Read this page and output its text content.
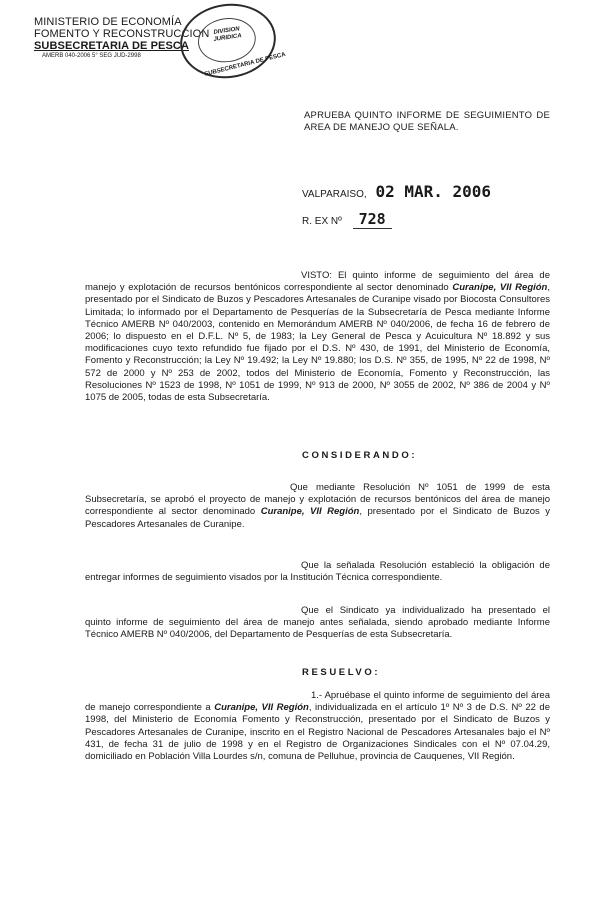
MINISTERIO DE ECONOMÍA
FOMENTO Y RECONSTRUCCION
SUBSECRETARIA DE PESCA
AMERB 040-2006 5° SEG JUD-2998
DIVISION JURIDICA
SUBSECRETARIA DE PESCA
APRUEBA QUINTO INFORME DE SEGUIMIENTO DE AREA DE MANEJO QUE SEÑALA.
VALPARAISO, 02 MAR. 2006
R. EX Nº 728
VISTO: El quinto informe de seguimiento del área de manejo y explotación de recursos bentónicos correspondiente al sector denominado Curanipe, VII Región, presentado por el Sindicato de Buzos y Pescadores Artesanales de Curanipe visado por Biocosta Consultores Limitada; lo informado por el Departamento de Pesquerías de la Subsecretaría de Pesca mediante Informe Técnico AMERB Nº 040/2003, contenido en Memorándum AMERB Nº 040/2006, de fecha 16 de febrero de 2006; lo dispuesto en el D.F.L. Nº 5, de 1983; la Ley General de Pesca y Acuicultura Nº 18.892 y sus modificaciones cuyo texto refundido fue fijado por el D.S. Nº 430, de 1991, del Ministerio de Economía, Fomento y Reconstrucción; la Ley Nº 19.492; la Ley Nº 19.880; los D.S. Nº 355, de 1995, Nº 22 de 1998, Nº 572 de 2000 y Nº 253 de 2002, todos del Ministerio de Economía, Fomento y Reconstrucción, las Resoluciones Nº 1523 de 1998, Nº 1051 de 1999, Nº 913 de 2000, Nº 3055 de 2002, Nº 386 de 2004 y Nº 1075 de 2005, todas de esta Subsecretaría.
CONSIDERANDO:
Que mediante Resolución Nº 1051 de 1999 de esta Subsecretaría, se aprobó el proyecto de manejo y explotación de recursos bentónicos del área de manejo correspondiente al sector denominado Curanipe, VII Región, presentado por el Sindicato de Buzos y Pescadores Artesanales de Curanipe.
Que la señalada Resolución estableció la obligación de entregar informes de seguimiento visados por la Institución Técnica correspondiente.
Que el Sindicato ya individualizado ha presentado el quinto informe de seguimiento del área de manejo antes señalada, siendo aprobado mediante Informe Técnico AMERB Nº 040/2006, del Departamento de Pesquerías de esta Subsecretaría.
RESUELVO:
1.- Apruébase el quinto informe de seguimiento del área de manejo correspondiente a Curanipe, VII Región, individualizada en el artículo 1º Nº 3 de D.S. Nº 22 de 1998, del Ministerio de Economía Fomento y Reconstrucción, presentado por el Sindicato de Buzos y Pescadores Artesanales de Curanipe, inscrito en el Registro Nacional de Pescadores Artesanales bajo el Nº 431, de fecha 31 de julio de 1998 y en el Registro de Organizaciones Sindicales con el Nº 07.04.29, domiciliado en Población Villa Lourdes s/n, comuna de Pelluhue, provincia de Cauquenes, VII Región.
